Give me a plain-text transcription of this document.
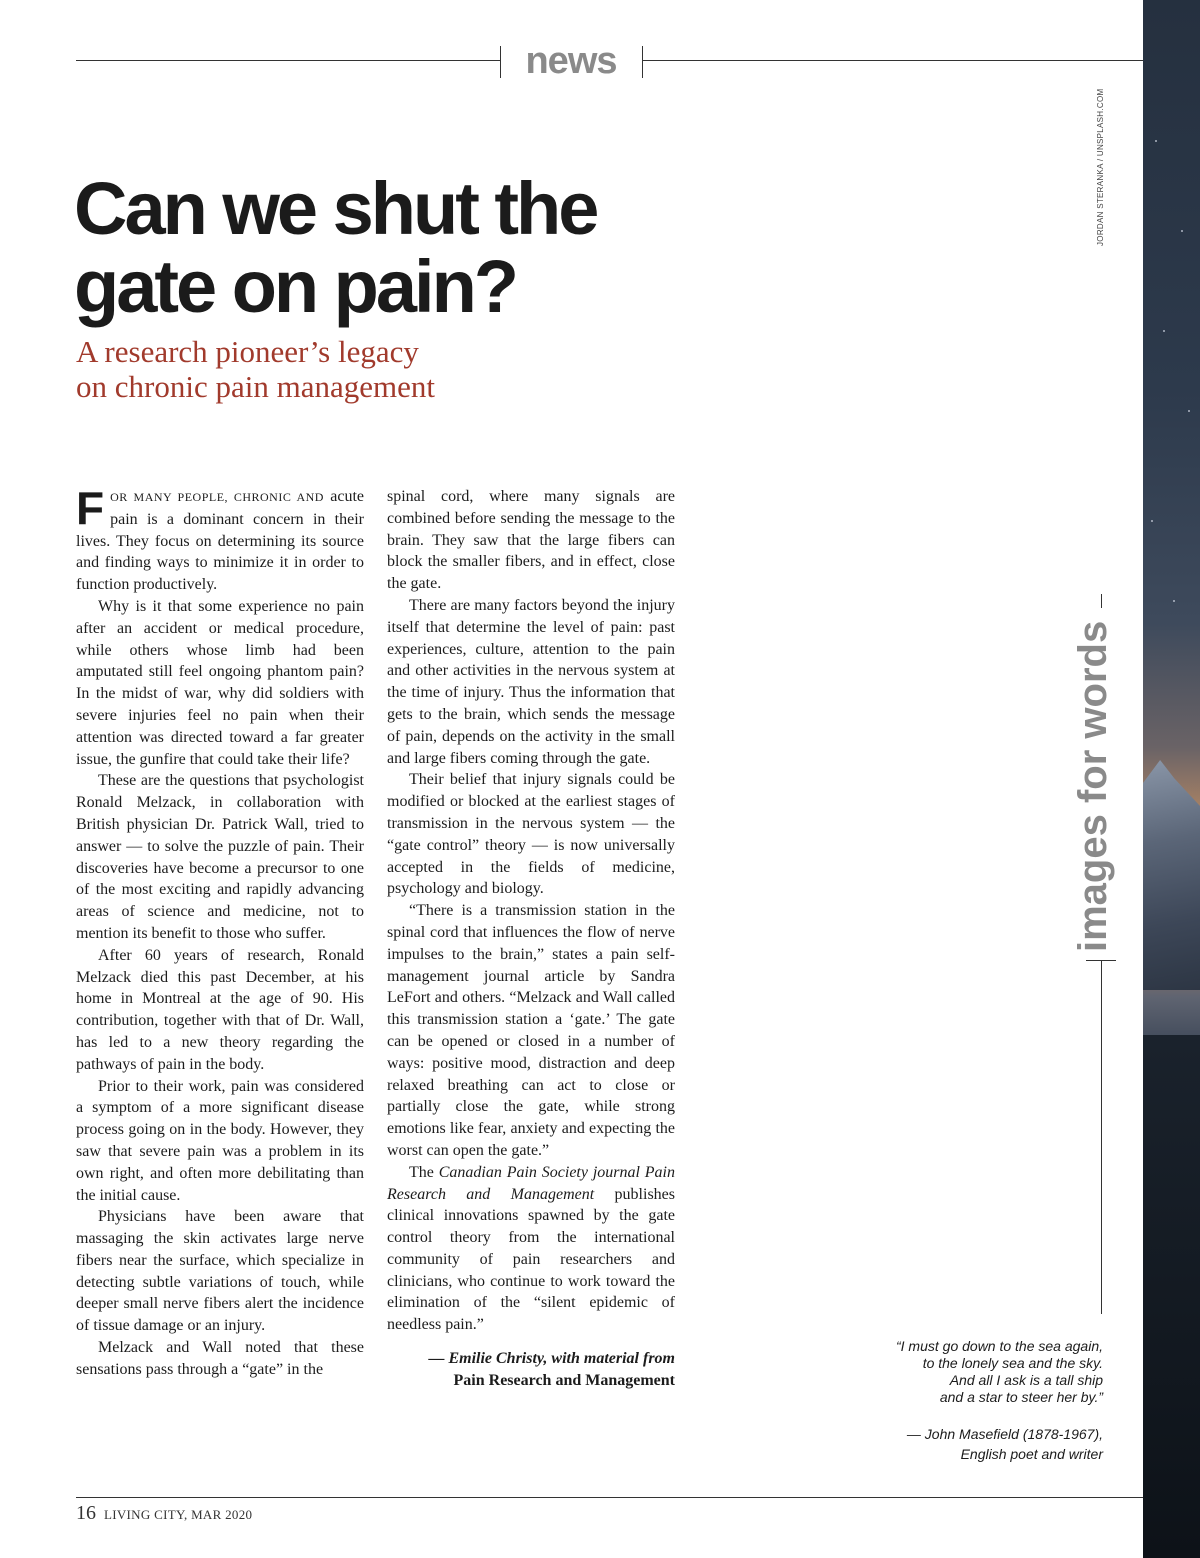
news
JORDAN STERANKA / UNSPLASH.COM
Can we shut the
gate on pain?
A research pioneer’s legacy
on chronic pain management

FOR MANY PEOPLE, CHRONIC AND acute pain is a dominant concern in their lives. They focus on determining its source and finding ways to minimize it in order to function productively.

Why is it that some experience no pain after an accident or medical procedure, while others whose limb had been amputated still feel ongoing phantom pain? In the midst of war, why did soldiers with severe injuries feel no pain when their attention was directed toward a far greater issue, the gunfire that could take their life?

These are the questions that psychologist Ronald Melzack, in collaboration with British physician Dr. Patrick Wall, tried to answer — to solve the puzzle of pain. Their discoveries have become a precursor to one of the most exciting and rapidly advancing areas of science and medicine, not to mention its benefit to those who suffer.

After 60 years of research, Ronald Melzack died this past December, at his home in Montreal at the age of 90. His contribution, together with that of Dr. Wall, has led to a new theory regarding the pathways of pain in the body.

Prior to their work, pain was considered a symptom of a more significant disease process going on in the body. However, they saw that severe pain was a problem in its own right, and often more debilitating than the initial cause.

Physicians have been aware that massaging the skin activates large nerve fibers near the surface, which specialize in detecting subtle variations of touch, while deeper small nerve fibers alert the incidence of tissue damage or an injury.

Melzack and Wall noted that these sensations pass through a “gate” in the

spinal cord, where many signals are combined before sending the message to the brain. They saw that the large fibers can block the smaller fibers, and in effect, close the gate.

There are many factors beyond the injury itself that determine the level of pain: past experiences, culture, attention to the pain and other activities in the nervous system at the time of injury. Thus the information that gets to the brain, which sends the message of pain, depends on the activity in the small and large fibers coming through the gate.

Their belief that injury signals could be modified or blocked at the earliest stages of transmission in the nervous system — the “gate control” theory — is now universally accepted in the fields of medicine, psychology and biology.

“There is a transmission station in the spinal cord that influences the flow of nerve impulses to the brain,” states a pain self-management journal article by Sandra LeFort and others. “Melzack and Wall called this transmission station a ‘gate.’ The gate can be opened or closed in a number of ways: positive mood, distraction and deep relaxed breathing can act to close or partially close the gate, while strong emotions like fear, anxiety and expecting the worst can open the gate.”

The Canadian Pain Society journal Pain Research and Management publishes clinical innovations spawned by the gate control theory from the international community of pain researchers and clinicians, who continue to work toward the elimination of the “silent epidemic of needless pain.”

— Emilie Christy, with material from
Pain Research and Management
images for words
“I must go down to the sea again,
to the lonely sea and the sky.
And all I ask is a tall ship
and a star to steer her by.”
— John Masefield (1878-1967),
English poet and writer
16 LIVING CITY, MAR 2020
